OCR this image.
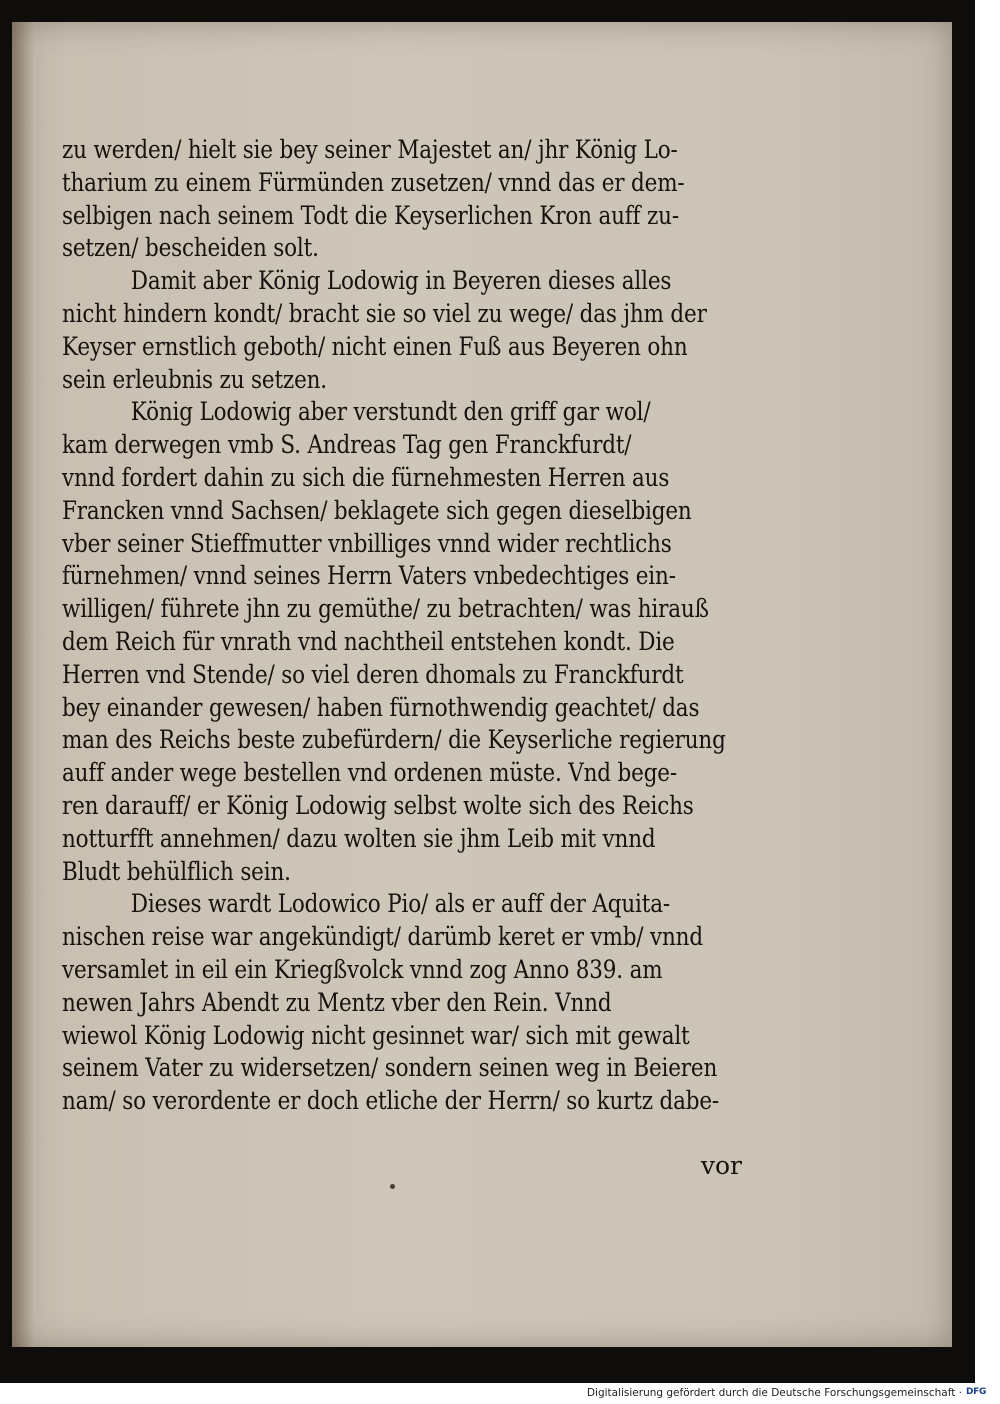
zu werden/ hielt sie bey seiner Majestet an/ jhr König Lo-
tharium zu einem Fürmünden zusetzen/ vnnd das er dem-
selbigen nach seinem Todt die Keyserlichen Kron auff zu-
setzen/ bescheiden solt.
Damit aber König Lodowig in Beyeren dieses alles
nicht hindern kondt/ bracht sie so viel zu wege/ das jhm der
Keyser ernstlich geboth/ nicht einen Fuß aus Beyeren ohn
sein erleubnis zu setzen.
König Lodowig aber verstundt den griff gar wol/
kam derwegen vmb S. Andreas Tag gen Franckfurdt/
vnnd fordert dahin zu sich die fürnehmesten Herren aus
Francken vnnd Sachsen/ beklagete sich gegen dieselbigen
vber seiner Stieffmutter vnbilliges vnnd wider rechtlichs
fürnehmen/ vnnd seines Herrn Vaters vnbedechtiges ein-
willigen/ führete jhn zu gemüthe/ zu betrachten/ was hirauß
dem Reich für vnrath vnd nachtheil entstehen kondt. Die
Herren vnd Stende/ so viel deren dhomals zu Franckfurdt
bey einander gewesen/ haben fürnothwendig geachtet/ das
man des Reichs beste zubefürdern/ die Keyserliche regierung
auff ander wege bestellen vnd ordenen müste. Vnd bege-
ren darauff/ er König Lodowig selbst wolte sich des Reichs
notturfft annehmen/ dazu wolten sie jhm Leib mit vnnd
Bludt behülflich sein.
Dieses wardt Lodowico Pio/ als er auff der Aquita-
nischen reise war angekündigt/ darümb keret er vmb/ vnnd
versamlet in eil ein Kriegßvolck vnnd zog Anno 839. am
newen Jahrs Abendt zu Mentz vber den Rein. Vnnd
wiewol König Lodowig nicht gesinnet war/ sich mit gewalt
seinem Vater zu widersetzen/ sondern seinen weg in Beieren
nam/ so verordente er doch etliche der Herrn/ so kurtz dabe-
vor
Digitalisierung gefördert durch die Deutsche Forschungsgemeinschaft · DFG
